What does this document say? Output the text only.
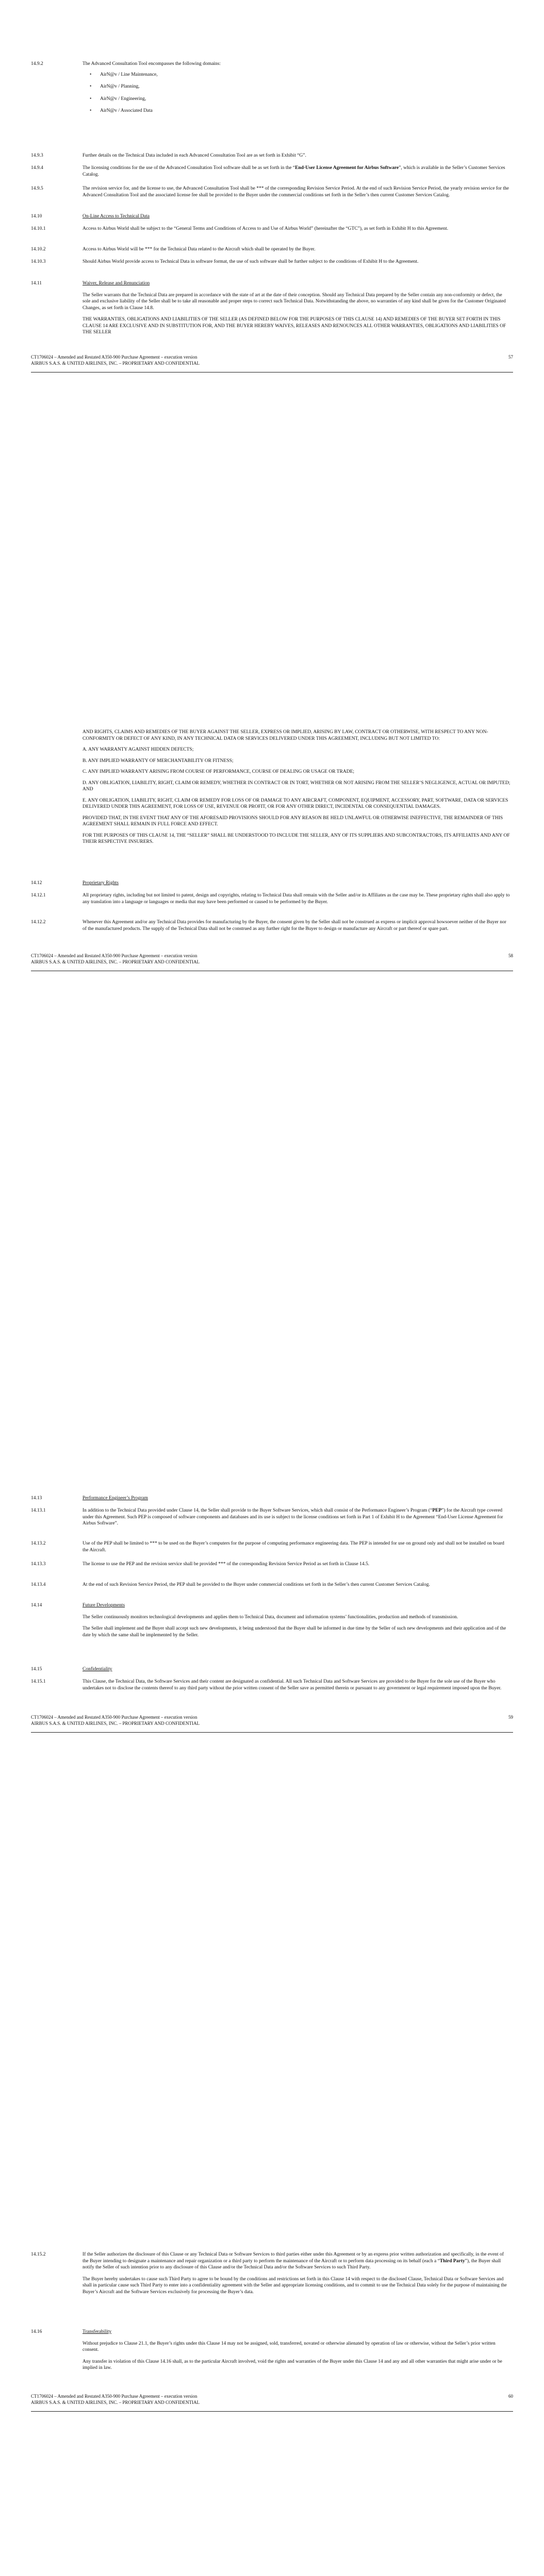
14.9.2	The Advanced Consultation Tool encompasses the following domains:

• AirN@v / Line Maintenance,
• AirN@v / Planning,
• AirN@v / Engineering,
• AirN@v / Associated Data
14.9.3	Further details on the Technical Data included in each Advanced Consultation Tool are as set forth in Exhibit “G”.

14.9.4	The licensing conditions for the use of the Advanced Consultation Tool software shall be as set forth in the “End-User License Agreement for Airbus Software”, which is available in the Seller’s Customer Services Catalog.

14.9.5	The revision service for, and the license to use, the Advanced Consultation Tool shall be *** of the corresponding Revision Service Period. At the end of such Revision Service Period, the yearly revision service for the Advanced Consultation Tool and the associated license fee shall be provided to the Buyer under the commercial conditions set forth in the Seller’s then current Customer Services Catalog.

14.10	On-Line Access to Technical Data

14.10.1	Access to Airbus World shall be subject to the “General Terms and Conditions of Access to and Use of Airbus World” (hereinafter the “GTC”), as set forth in Exhibit H to this Agreement.

14.10.2	Access to Airbus World will be *** for the Technical Data related to the Aircraft which shall be operated by the Buyer.

14.10.3	Should Airbus World provide access to Technical Data in software format, the use of such software shall be further subject to the conditions of Exhibit H to the Agreement.

14.11	Waiver, Release and Renunciation

The Seller warrants that the Technical Data are prepared in accordance with the state of art at the date of their conception. Should any Technical Data prepared by the Seller contain any non-conformity or defect, the sole and exclusive liability of the Seller shall be to take all reasonable and proper steps to correct such Technical Data. Notwithstanding the above, no warranties of any kind shall be given for the Customer Originated Changes, as set forth in Clause 14.8.

THE WARRANTIES, OBLIGATIONS AND LIABILITIES OF THE SELLER (AS DEFINED BELOW FOR THE PURPOSES OF THIS CLAUSE 14) AND REMEDIES OF THE BUYER SET FORTH IN THIS CLAUSE 14 ARE EXCLUSIVE AND IN SUBSTITUTION FOR, AND THE BUYER HEREBY WAIVES, RELEASES AND RENOUNCES ALL OTHER WARRANTIES, OBLIGATIONS AND LIABILITIES OF THE SELLER

CT1706024 – Amended and Restated A350-900 Purchase Agreement – execution version
AIRBUS S.A.S. & UNITED AIRLINES, INC. – PROPRIETARY AND CONFIDENTIAL
57

AND RIGHTS, CLAIMS AND REMEDIES OF THE BUYER AGAINST THE SELLER, EXPRESS OR IMPLIED, ARISING BY LAW, CONTRACT OR OTHERWISE, WITH RESPECT TO ANY NON-CONFORMITY OR DEFECT OF ANY KIND, IN ANY TECHNICAL DATA OR SERVICES DELIVERED UNDER THIS AGREEMENT, INCLUDING BUT NOT LIMITED TO:

A. ANY WARRANTY AGAINST HIDDEN DEFECTS;

B. ANY IMPLIED WARRANTY OF MERCHANTABILITY OR FITNESS;

C. ANY IMPLIED WARRANTY ARISING FROM COURSE OF PERFORMANCE, COURSE OF DEALING OR USAGE OR TRADE;

D. ANY OBLIGATION, LIABILITY, RIGHT, CLAIM OR REMEDY, WHETHER IN CONTRACT OR IN TORT, WHETHER OR NOT ARISING FROM THE SELLER’S NEGLIGENCE, ACTUAL OR IMPUTED; AND

E. ANY OBLIGATION, LIABILITY, RIGHT, CLAIM OR REMEDY FOR LOSS OF OR DAMAGE TO ANY AIRCRAFT, COMPONENT, EQUIPMENT, ACCESSORY, PART, SOFTWARE, DATA OR SERVICES DELIVERED UNDER THIS AGREEMENT, FOR LOSS OF USE, REVENUE OR PROFIT, OR FOR ANY OTHER DIRECT, INCIDENTAL OR CONSEQUENTIAL DAMAGES.

PROVIDED THAT, IN THE EVENT THAT ANY OF THE AFORESAID PROVISIONS SHOULD FOR ANY REASON BE HELD UNLAWFUL OR OTHERWISE INEFFECTIVE, THE REMAINDER OF THIS AGREEMENT SHALL REMAIN IN FULL FORCE AND EFFECT.

FOR THE PURPOSES OF THIS CLAUSE 14, THE “SELLER” SHALL BE UNDERSTOOD TO INCLUDE THE SELLER, ANY OF ITS SUPPLIERS AND SUBCONTRACTORS, ITS AFFILIATES AND ANY OF THEIR RESPECTIVE INSURERS.

14.12	Proprietary Rights

14.12.1	All proprietary rights, including but not limited to patent, design and copyrights, relating to Technical Data shall remain with the Seller and/or its Affiliates as the case may be. These proprietary rights shall also apply to any translation into a language or languages or media that may have been performed or caused to be performed by the Buyer.

14.12.2	Whenever this Agreement and/or any Technical Data provides for manufacturing by the Buyer, the consent given by the Seller shall not be construed as express or implicit approval howsoever neither of the Buyer nor of the manufactured products. The supply of the Technical Data shall not be construed as any further right for the Buyer to design or manufacture any Aircraft or part thereof or spare part.

CT1706024 – Amended and Restated A350-900 Purchase Agreement – execution version
AIRBUS S.A.S. & UNITED AIRLINES, INC. – PROPRIETARY AND CONFIDENTIAL
58
14.13	Performance Engineer’s Program

14.13.1	In addition to the Technical Data provided under Clause 14, the Seller shall provide to the Buyer Software Services, which shall consist of the Performance Engineer’s Program (“PEP”) for the Aircraft type covered under this Agreement. Such PEP is composed of software components and databases and its use is subject to the license conditions set forth in Part 1 of Exhibit H to the Agreement “End-User License Agreement for Airbus Software”.

14.13.2	Use of the PEP shall be limited to *** to be used on the Buyer’s computers for the purpose of computing performance engineering data. The PEP is intended for use on ground only and shall not be installed on board the Aircraft.

14.13.3	The license to use the PEP and the revision service shall be provided *** of the corresponding Revision Service Period as set forth in Clause 14.5.

14.13.4	At the end of such Revision Service Period, the PEP shall be provided to the Buyer under commercial conditions set forth in the Seller’s then current Customer Services Catalog.

14.14	Future Developments

The Seller continuously monitors technological developments and applies them to Technical Data, document and information systems’ functionalities, production and methods of transmission.

The Seller shall implement and the Buyer shall accept such new developments, it being understood that the Buyer shall be informed in due time by the Seller of such new developments and their application and of the date by which the same shall be implemented by the Seller.

14.15	Confidentiality

14.15.1	This Clause, the Technical Data, the Software Services and their content are designated as confidential. All such Technical Data and Software Services are provided to the Buyer for the sole use of the Buyer who undertakes not to disclose the contents thereof to any third party without the prior written consent of the Seller save as permitted therein or pursuant to any government or legal requirement imposed upon the Buyer.

CT1706024 – Amended and Restated A350-900 Purchase Agreement – execution version
AIRBUS S.A.S. & UNITED AIRLINES, INC. – PROPRIETARY AND CONFIDENTIAL
59
14.15.2	If the Seller authorizes the disclosure of this Clause or any Technical Data or Software Services to third parties either under this Agreement or by an express prior written authorization and specifically, in the event of the Buyer intending to designate a maintenance and repair organization or a third party to perform the maintenance of the Aircraft or to perform data processing on its behalf (each a “Third Party”), the Buyer shall notify the Seller of such intention prior to any disclosure of this Clause and/or the Technical Data and/or the Software Services to such Third Party.

The Buyer hereby undertakes to cause such Third Party to agree to be bound by the conditions and restrictions set forth in this Clause 14 with respect to the disclosed Clause, Technical Data or Software Services and shall in particular cause such Third Party to enter into a confidentiality agreement with the Seller and appropriate licensing conditions, and to commit to use the Technical Data solely for the purpose of maintaining the Buyer’s Aircraft and the Software Services exclusively for processing the Buyer’s data.

14.16	Transferability

Without prejudice to Clause 21.1, the Buyer’s rights under this Clause 14 may not be assigned, sold, transferred, novated or otherwise alienated by operation of law or otherwise, without the Seller’s prior written consent.

Any transfer in violation of this Clause 14.16 shall, as to the particular Aircraft involved, void the rights and warranties of the Buyer under this Clause 14 and any and all other warranties that might arise under or be implied in law.

CT1706024 – Amended and Restated A350-900 Purchase Agreement – execution version
AIRBUS S.A.S. & UNITED AIRLINES, INC. – PROPRIETARY AND CONFIDENTIAL
60
